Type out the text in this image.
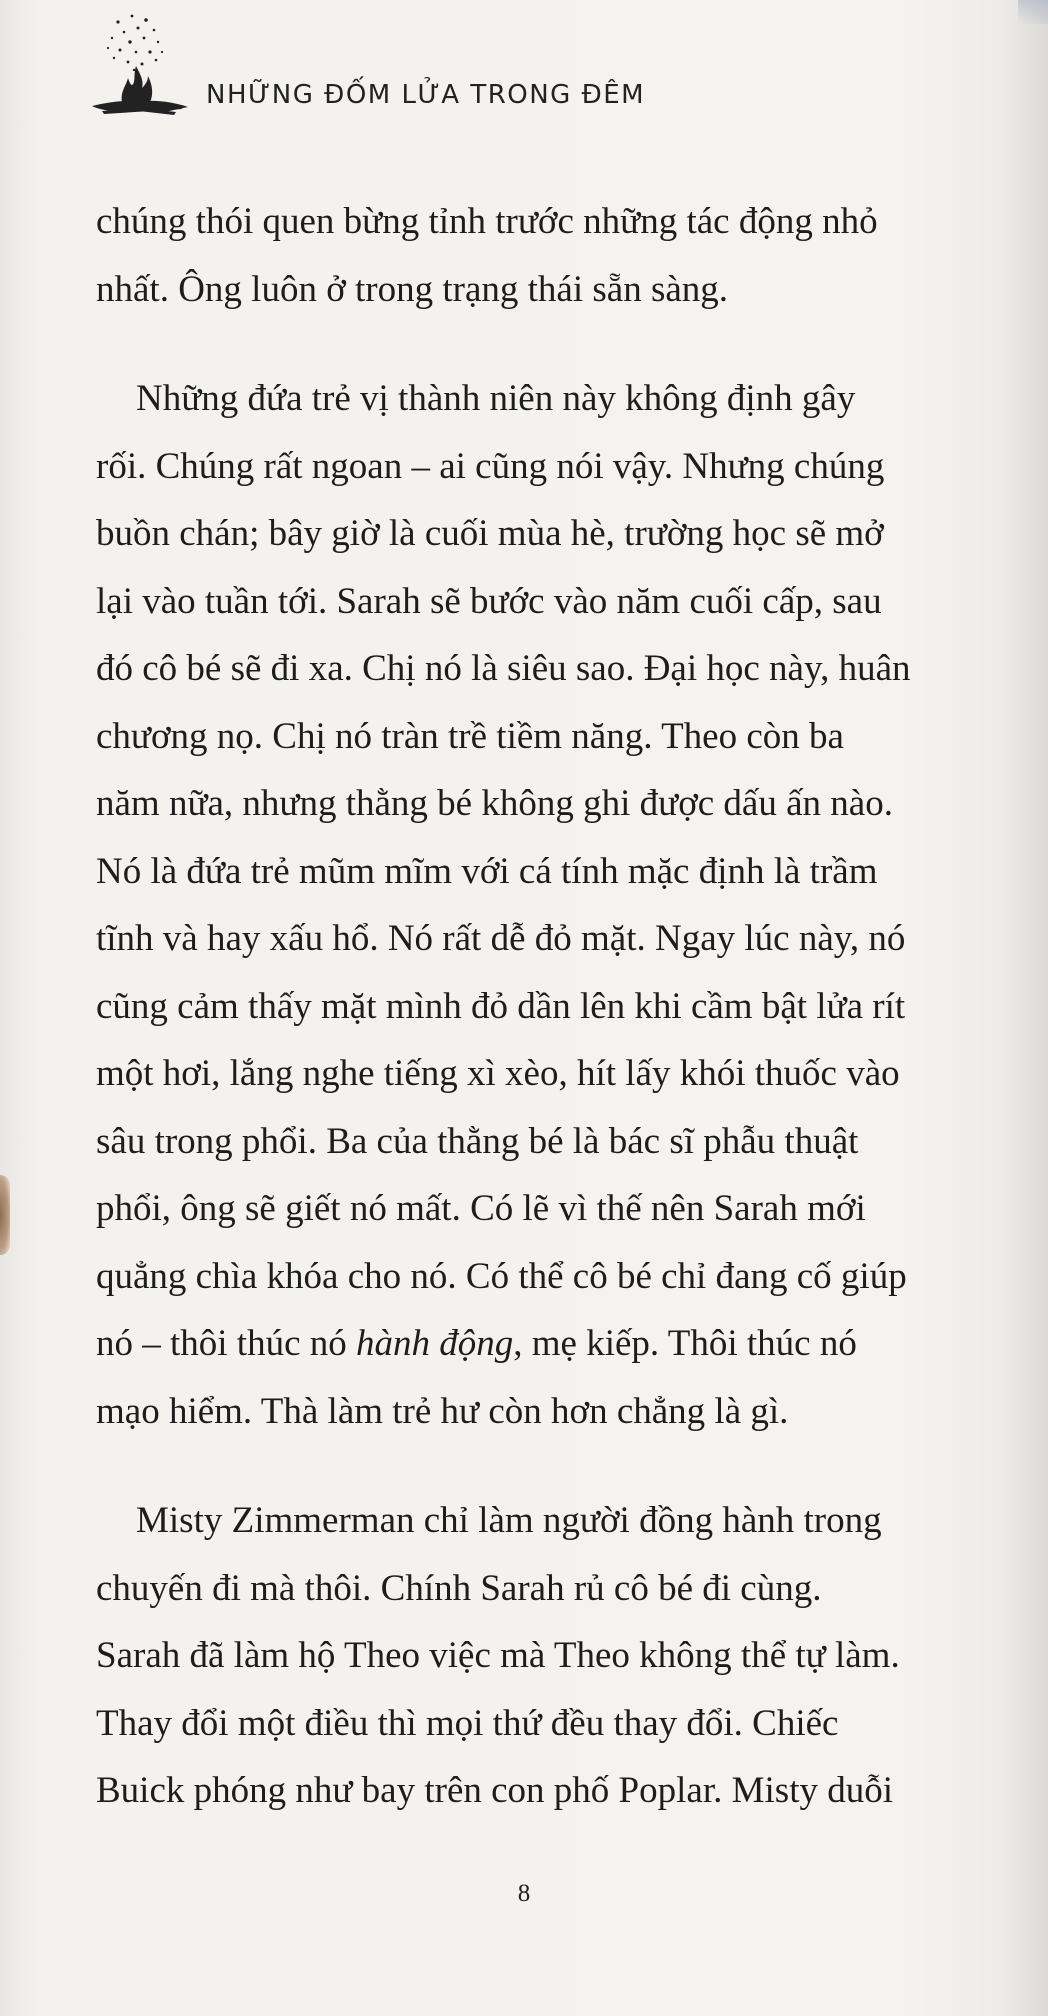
NHỮNG ĐỐM LỬA TRONG ĐÊM
chúng thói quen bừng tỉnh trước những tác động nhỏ
nhất. Ông luôn ở trong trạng thái sẵn sàng.
Những đứa trẻ vị thành niên này không định gây
rối. Chúng rất ngoan – ai cũng nói vậy. Nhưng chúng
buồn chán; bây giờ là cuối mùa hè, trường học sẽ mở
lại vào tuần tới. Sarah sẽ bước vào năm cuối cấp, sau
đó cô bé sẽ đi xa. Chị nó là siêu sao. Đại học này, huân
chương nọ. Chị nó tràn trề tiềm năng. Theo còn ba
năm nữa, nhưng thằng bé không ghi được dấu ấn nào.
Nó là đứa trẻ mũm mĩm với cá tính mặc định là trầm
tĩnh và hay xấu hổ. Nó rất dễ đỏ mặt. Ngay lúc này, nó
cũng cảm thấy mặt mình đỏ dần lên khi cầm bật lửa rít
một hơi, lắng nghe tiếng xì xèo, hít lấy khói thuốc vào
sâu trong phổi. Ba của thằng bé là bác sĩ phẫu thuật
phổi, ông sẽ giết nó mất. Có lẽ vì thế nên Sarah mới
quẳng chìa khóa cho nó. Có thể cô bé chỉ đang cố giúp
nó – thôi thúc nó hành động, mẹ kiếp. Thôi thúc nó
mạo hiểm. Thà làm trẻ hư còn hơn chẳng là gì.
Misty Zimmerman chỉ làm người đồng hành trong
chuyến đi mà thôi. Chính Sarah rủ cô bé đi cùng.
Sarah đã làm hộ Theo việc mà Theo không thể tự làm.
Thay đổi một điều thì mọi thứ đều thay đổi. Chiếc
Buick phóng như bay trên con phố Poplar. Misty duỗi
8
